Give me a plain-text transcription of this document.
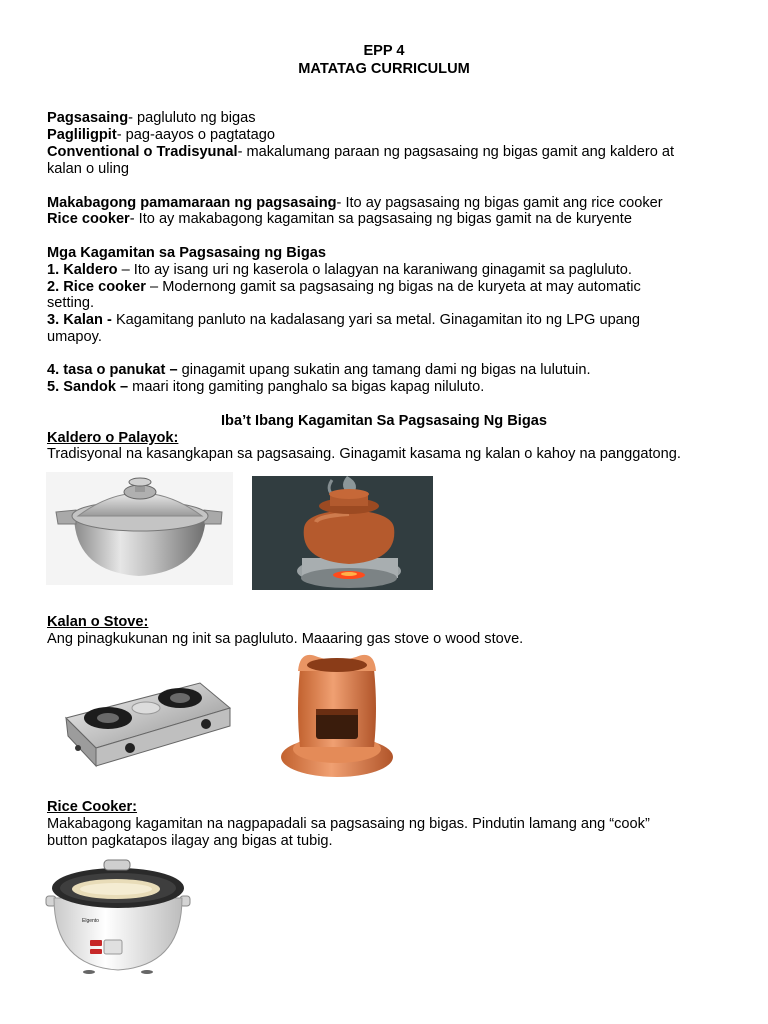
EPP 4
MATATAG CURRICULUM
Pagsasaing- pagluluto ng bigas
Pagliligpit- pag-aayos o pagtatago
Conventional o Tradisyunal- makalumang paraan ng pagsasaing ng bigas gamit ang kaldero at
kalan o uling
Makabagong pamamaraan ng pagsasaing- Ito ay pagsasaing ng bigas gamit ang rice cooker
Rice cooker- Ito ay makabagong kagamitan sa pagsasaing ng bigas gamit na de kuryente
Mga Kagamitan sa Pagsasaing ng Bigas
1. Kaldero – Ito ay isang uri ng kaserola o lalagyan na karaniwang ginagamit sa pagluluto.
2. Rice cooker – Modernong gamit sa pagsasaing ng bigas na de kuryeta at may automatic
setting.
3. Kalan - Kagamitang panluto na kadalasang yari sa metal. Ginagamitan ito ng LPG upang
umapoy.
4. tasa o panukat – ginagamit upang sukatin ang tamang dami ng bigas na lulutuin.
5. Sandok – maari itong gamiting panghalo sa bigas kapag niluluto.
Iba’t Ibang Kagamitan Sa Pagsasaing Ng Bigas
Kaldero o Palayok:
Tradisyonal na kasangkapan sa pagsasaing. Ginagamit kasama ng kalan o kahoy na panggatong.
Kalan o Stove:
Ang pinagkukunan ng init sa pagluluto. Maaaring gas stove o wood stove.
Rice Cooker:
Makabagong kagamitan na nagpapadali sa pagsasaing ng bigas. Pindutin lamang ang “cook”
button pagkatapos ilagay ang bigas at tubig.
Elgento
